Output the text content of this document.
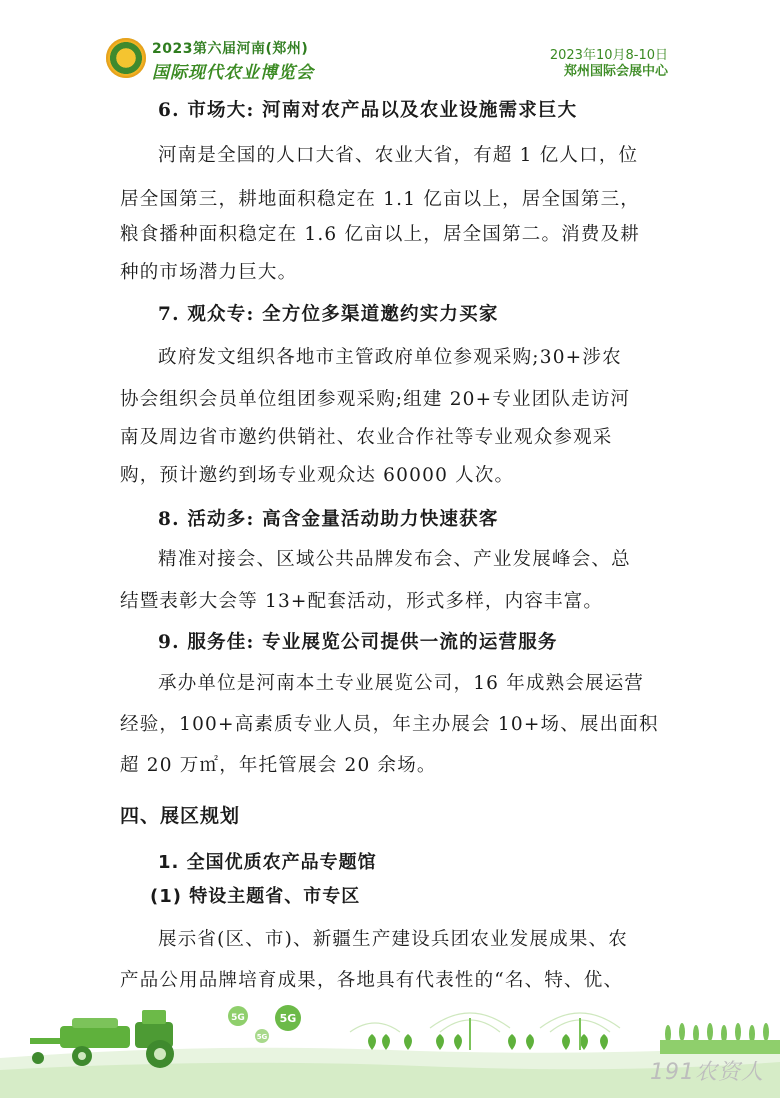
2023第六届河南(郑州)
国际现代农业博览会
2023年10月8-10日
郑州国际会展中心
6. 市场大: 河南对农产品以及农业设施需求巨大
河南是全国的人口大省、农业大省，有超 1 亿人口，位
居全国第三，耕地面积稳定在 1.1 亿亩以上，居全国第三，
粮食播种面积稳定在 1.6 亿亩以上，居全国第二。消费及耕
种的市场潜力巨大。
7. 观众专: 全方位多渠道邀约实力买家
政府发文组织各地市主管政府单位参观采购;30+涉农
协会组织会员单位组团参观采购;组建 20+专业团队走访河
南及周边省市邀约供销社、农业合作社等专业观众参观采
购，预计邀约到场专业观众达 60000 人次。
8. 活动多: 高含金量活动助力快速获客
精准对接会、区域公共品牌发布会、产业发展峰会、总
结暨表彰大会等 13+配套活动，形式多样，内容丰富。
9. 服务佳: 专业展览公司提供一流的运营服务
承办单位是河南本土专业展览公司，16 年成熟会展运营
经验，100+高素质专业人员，年主办展会 10+场、展出面积
超 20 万㎡，年托管展会 20 余场。
四、展区规划
1. 全国优质农产品专题馆
(1) 特设主题省、市专区
展示省(区、市)、新疆生产建设兵团农业发展成果、农
产品公用品牌培育成果，各地具有代表性的“名、特、优、
5G	5G
5G
191农资人
